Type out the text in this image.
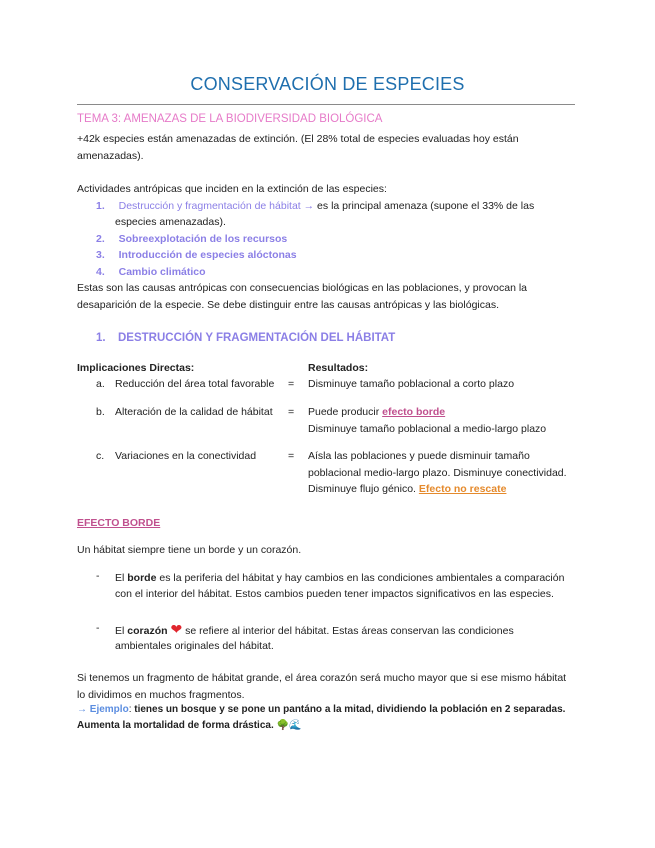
CONSERVACIÓN DE ESPECIES
TEMA 3: AMENAZAS DE LA BIODIVERSIDAD BIOLÓGICA
+42k especies están amenazadas de extinción. (El 28% total de especies evaluadas hoy están
amenazadas).
Actividades antrópicas que inciden en la extinción de las especies:
1. Destrucción y fragmentación de hábitat → es la principal amenaza (supone el 33% de las
especies amenazadas).
2. Sobreexplotación de los recursos
3. Introducción de especies alóctonas
4. Cambio climático
Estas son las causas antrópicas con consecuencias biológicas en las poblaciones, y provocan la
desaparición de la especie. Se debe distinguir entre las causas antrópicas y las biológicas.
1. DESTRUCCIÓN Y FRAGMENTACIÓN DEL HÁBITAT
Implicaciones Directas:	Resultados:
a. Reducción del área total favorable = Disminuye tamaño poblacional a corto plazo
b. Alteración de la calidad de hábitat = Puede producir efecto borde
Disminuye tamaño poblacional a medio-largo plazo
c. Variaciones en la conectividad	= Aísla las poblaciones y puede disminuir tamaño
poblacional medio-largo plazo. Disminuye conectividad.
Disminuye flujo génico. Efecto no rescate
EFECTO BORDE
Un hábitat siempre tiene un borde y un corazón.
- El borde es la periferia del hábitat y hay cambios en las condiciones ambientales a comparación
con el interior del hábitat. Estos cambios pueden tener impactos significativos en las especies.
- El corazón ❤ se refiere al interior del hábitat. Estas áreas conservan las condiciones
ambientales originales del hábitat.
Si tenemos un fragmento de hábitat grande, el área corazón será mucho mayor que si ese mismo hábitat
lo dividimos en muchos fragmentos.
→ Ejemplo: tienes un bosque y se pone un pantáno a la mitad, dividiendo la población en 2 separadas.
Aumenta la mortalidad de forma drástica. 🌳🌊
